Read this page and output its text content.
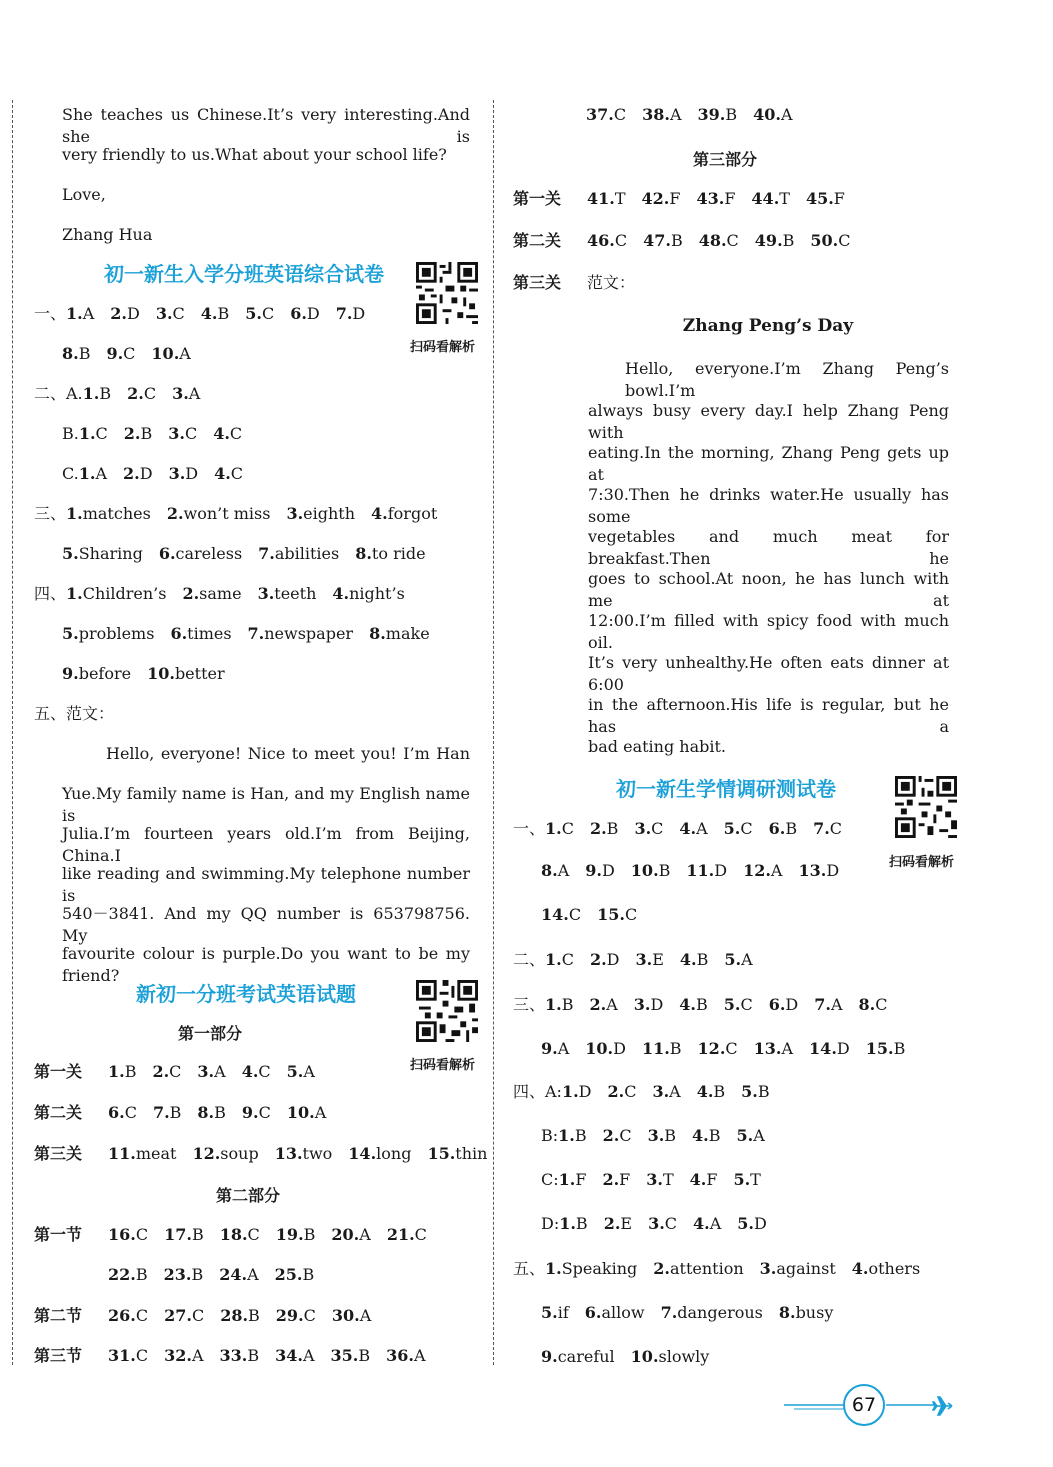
She teaches us Chinese.It’s very interesting.And she is
very friendly to us.What about your school life?
Love,
Zhang Hua
初一新生入学分班英语综合试卷
扫码看解析
一、1.A 2.D 3.C 4.B 5.C 6.D 7.D
8.B 9.C 10.A
二、A.1.B 2.C 3.A
B.1.C 2.B 3.C 4.C
C.1.A 2.D 3.D 4.C
三、1.matches 2.won’t miss 3.eighth 4.forgot
5.Sharing 6.careless 7.abilities 8.to ride
四、1.Children’s 2.same 3.teeth 4.night’s
5.problems 6.times 7.newspaper 8.make
9.before 10.better
五、范文：
Hello, everyone! Nice to meet you! I’m Han
Yue.My family name is Han, and my English name is
Julia.I’m fourteen years old.I’m from Beijing, China.I
like reading and swimming.My telephone number is
540－3841. And my QQ number is 653798756. My
favourite colour is purple.Do you want to be my friend?
新初一分班考试英语试题
扫码看解析
第一部分
第一关 1.B 2.C 3.A 4.C 5.A
第二关 6.C 7.B 8.B 9.C 10.A
第三关 11.meat 12.soup 13.two 14.long 15.thin
第二部分
第一节 16.C 17.B 18.C 19.B 20.A 21.C
22.B 23.B 24.A 25.B
第二节 26.C 27.C 28.B 29.C 30.A
第三节 31.C 32.A 33.B 34.A 35.B 36.A
37.C 38.A 39.B 40.A
第三部分
第一关 41.T 42.F 43.F 44.T 45.F
第二关 46.C 47.B 48.C 49.B 50.C
第三关 范文：
Zhang Peng’s Day
Hello, everyone.I’m Zhang Peng’s bowl.I’m
always busy every day.I help Zhang Peng with
eating.In the morning, Zhang Peng gets up at
7:30.Then he drinks water.He usually has some
vegetables and much meat for breakfast.Then he
goes to school.At noon, he has lunch with me at
12:00.I’m filled with spicy food with much oil.
It’s very unhealthy.He often eats dinner at 6:00
in the afternoon.His life is regular, but he has a
bad eating habit.
初一新生学情调研测试卷
扫码看解析
一、1.C 2.B 3.C 4.A 5.C 6.B 7.C
8.A 9.D 10.B 11.D 12.A 13.D
14.C 15.C
二、1.C 2.D 3.E 4.B 5.A
三、1.B 2.A 3.D 4.B 5.C 6.D 7.A 8.C
9.A 10.D 11.B 12.C 13.A 14.D 15.B
四、A:1.D 2.C 3.A 4.B 5.B
B:1.B 2.C 3.B 4.B 5.A
C:1.F 2.F 3.T 4.F 5.T
D:1.B 2.E 3.C 4.A 5.D
五、1.Speaking 2.attention 3.against 4.others
5.if 6.allow 7.dangerous 8.busy
9.careful 10.slowly
67
